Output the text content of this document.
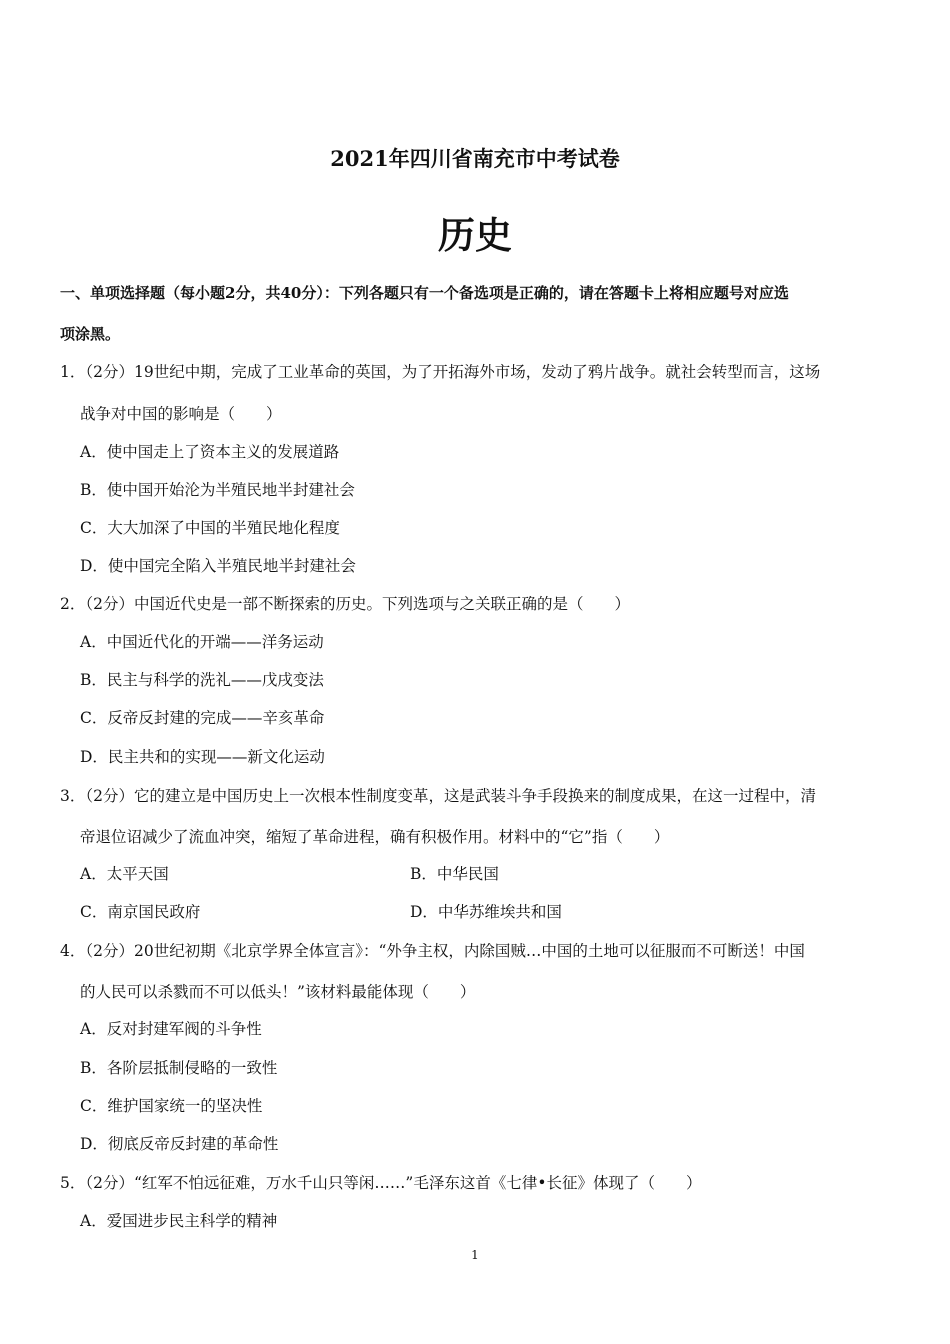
2021年四川省南充市中考试卷
历史
一、单项选择题（每小题2分，共40分）：下列各题只有一个备选项是正确的，请在答题卡上将相应题号对应选
项涂黑。
1．（2分）19世纪中期，完成了工业革命的英国，为了开拓海外市场，发动了鸦片战争。就社会转型而言，这场
战争对中国的影响是（　　）
A．使中国走上了资本主义的发展道路
B．使中国开始沦为半殖民地半封建社会
C．大大加深了中国的半殖民地化程度
D．使中国完全陷入半殖民地半封建社会
2．（2分）中国近代史是一部不断探索的历史。下列选项与之关联正确的是（　　）
A．中国近代化的开端——洋务运动
B．民主与科学的洗礼——戊戌变法
C．反帝反封建的完成——辛亥革命
D．民主共和的实现——新文化运动
3．（2分）它的建立是中国历史上一次根本性制度变革，这是武装斗争手段换来的制度成果，在这一过程中，清
帝退位诏减少了流血冲突，缩短了革命进程，确有积极作用。材料中的“它”指（　　）
A．太平天国	B．中华民国
C．南京国民政府	D．中华苏维埃共和国
4．（2分）20世纪初期《北京学界全体宣言》：“外争主权，内除国贼…中国的土地可以征服而不可断送！中国
的人民可以杀戮而不可以低头！”该材料最能体现（　　）
A．反对封建军阀的斗争性
B．各阶层抵制侵略的一致性
C．维护国家统一的坚决性
D．彻底反帝反封建的革命性
5．（2分）“红军不怕远征难，万水千山只等闲……”毛泽东这首《七律•长征》体现了（　　）
A．爱国进步民主科学的精神
1
